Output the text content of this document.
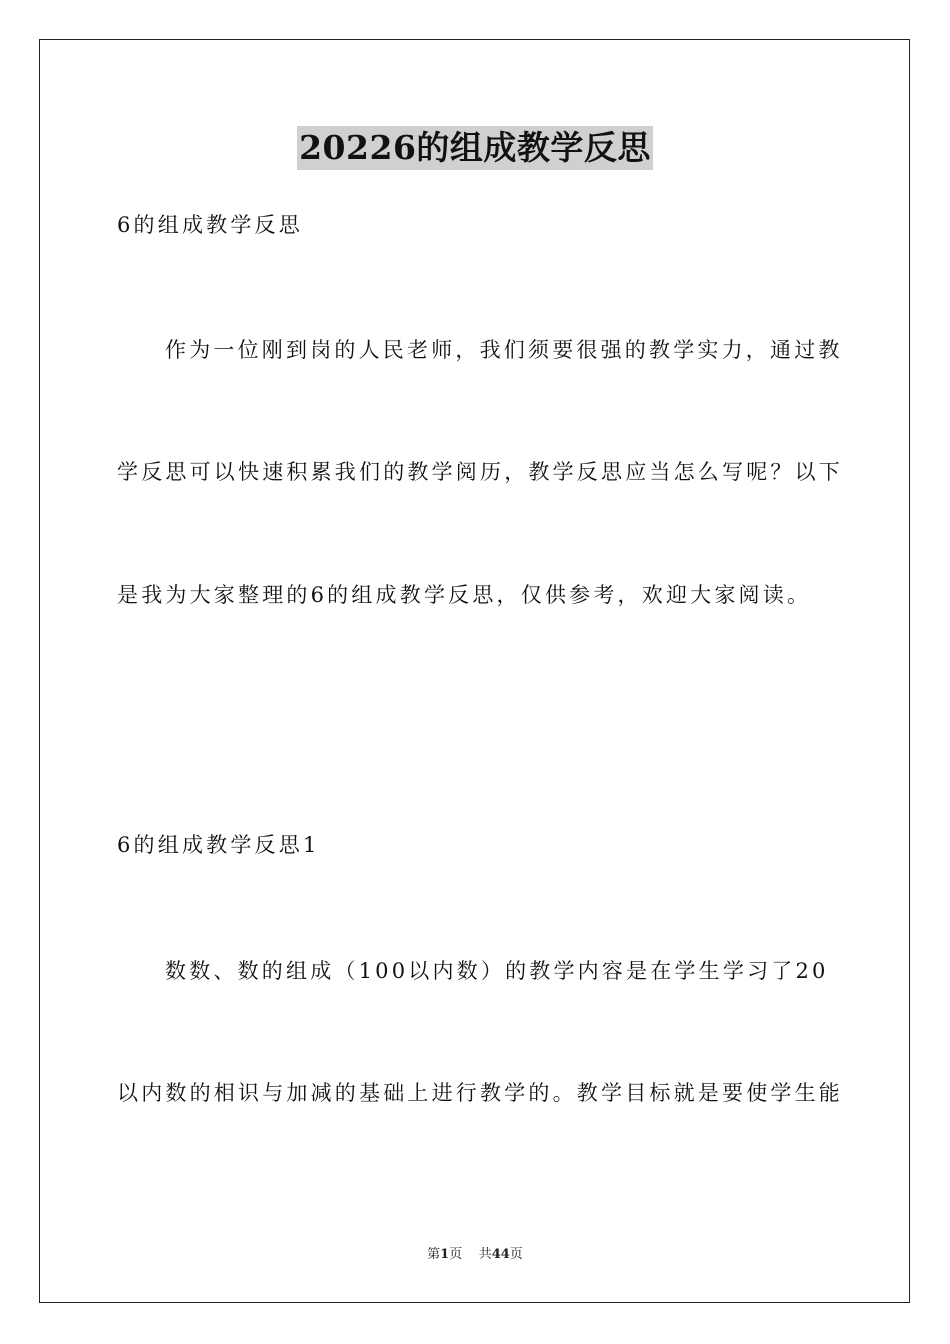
20226的组成教学反思
6的组成教学反思
作为一位刚到岗的人民老师，我们须要很强的教学实力，通过教
学反思可以快速积累我们的教学阅历，教学反思应当怎么写呢？以下
是我为大家整理的6的组成教学反思，仅供参考，欢迎大家阅读。
6的组成教学反思1
数数、数的组成（100以内数）的教学内容是在学生学习了20
以内数的相识与加减的基础上进行教学的。教学目标就是要使学生能
第1页 共44页
